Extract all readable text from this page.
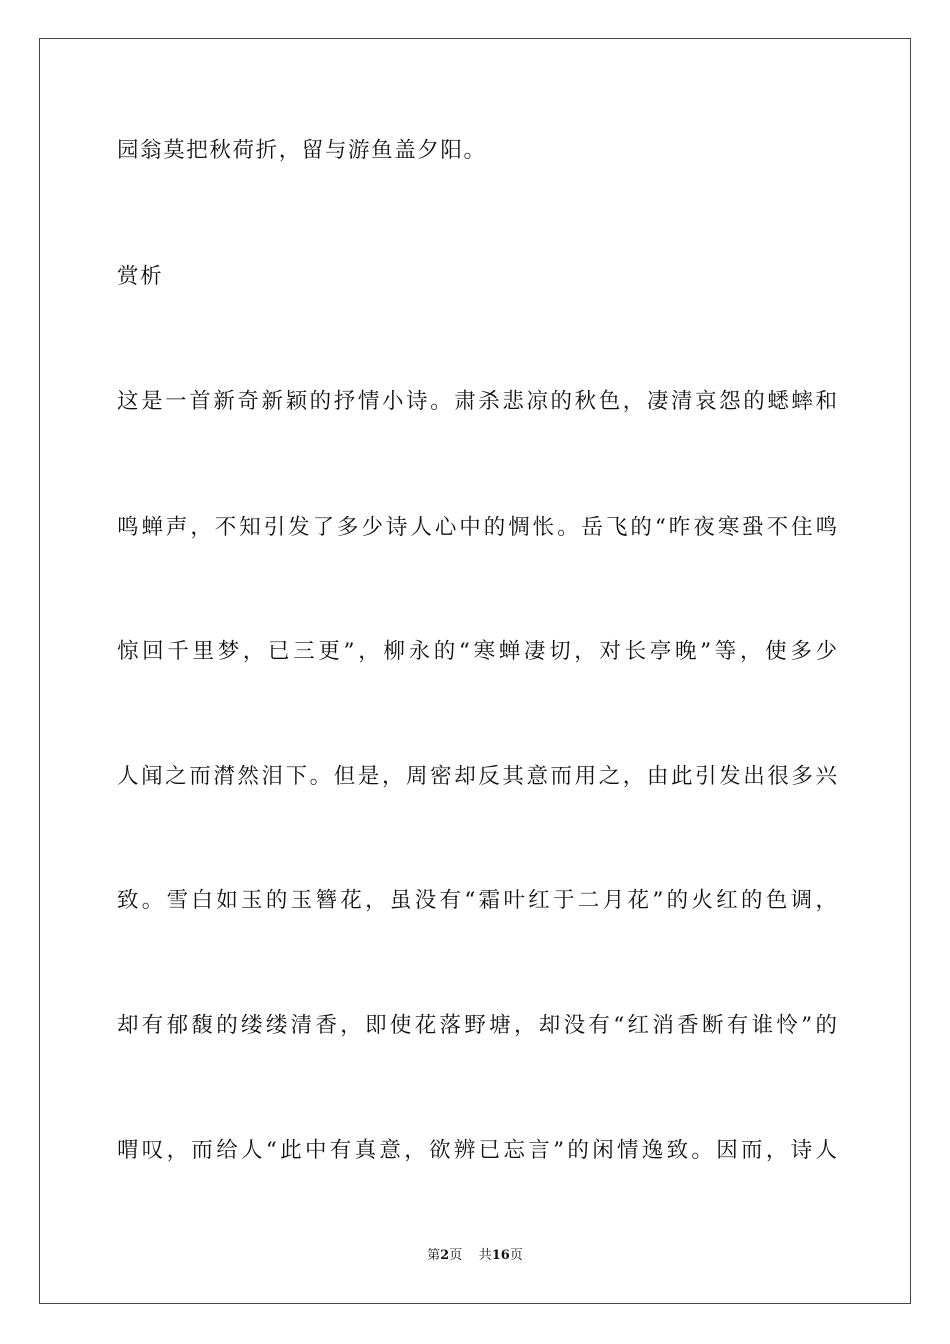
园翁莫把秋荷折，留与游鱼盖夕阳。
赏析
这是一首新奇新颖的抒情小诗。肃杀悲凉的秋色，凄清哀怨的蟋蟀和
鸣蝉声，不知引发了多少诗人心中的惆怅。岳飞的“昨夜寒蛩不住鸣
惊回千里梦，已三更”，柳永的“寒蝉凄切，对长亭晚”等，使多少
人闻之而潸然泪下。但是，周密却反其意而用之，由此引发出很多兴
致。雪白如玉的玉簪花，虽没有“霜叶红于二月花”的火红的色调，
却有郁馥的缕缕清香，即使花落野塘，却没有“红消香断有谁怜”的
喟叹，而给人“此中有真意，欲辨已忘言”的闲情逸致。因而，诗人
第2页 共16页
